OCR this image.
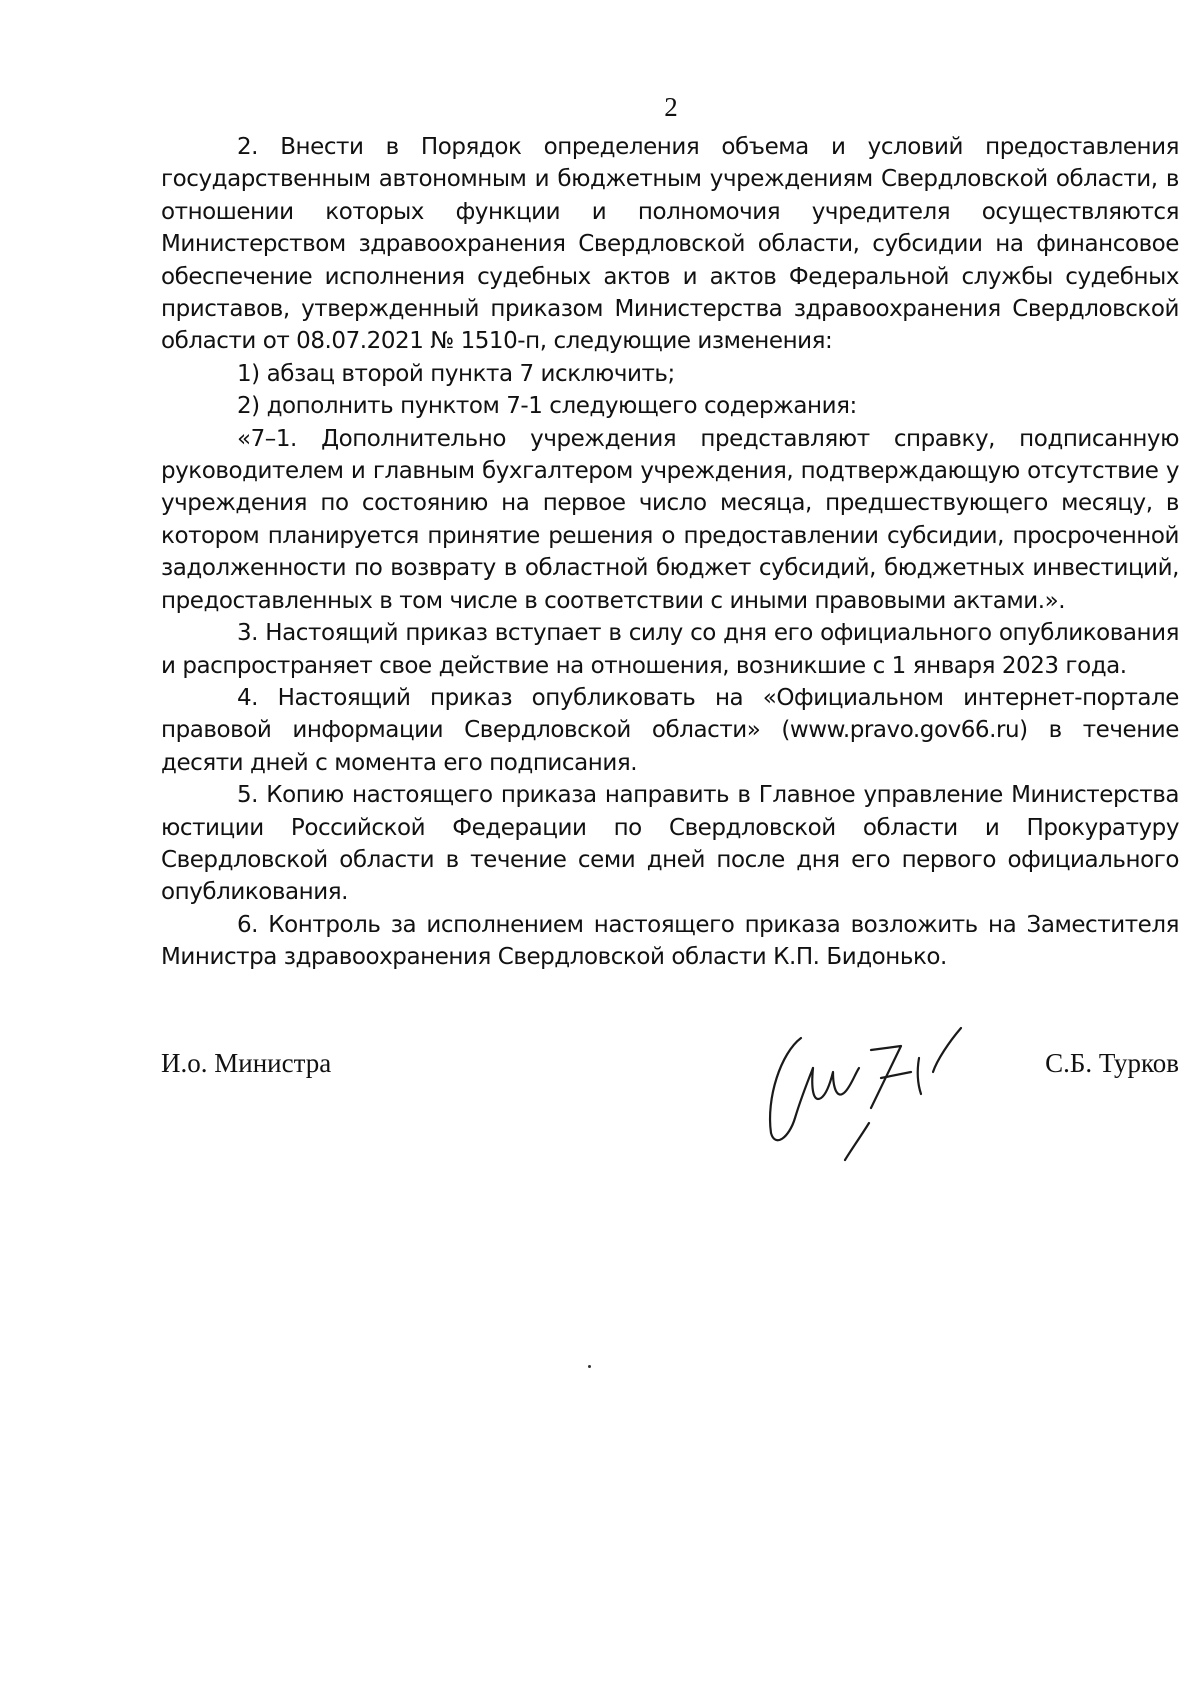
2

2. Внести в Порядок определения объема и условий предоставления государственным автономным и бюджетным учреждениям Свердловской области, в отношении которых функции и полномочия учредителя осуществляются Министерством здравоохранения Свердловской области, субсидии на финансовое обеспечение исполнения судебных актов и актов Федеральной службы судебных приставов, утвержденный приказом Министерства здравоохранения Свердловской области от 08.07.2021 № 1510-п, следующие изменения:

1) абзац второй пункта 7 исключить;

2) дополнить пунктом 7-1 следующего содержания:

«7–1. Дополнительно учреждения представляют справку, подписанную руководителем и главным бухгалтером учреждения, подтверждающую отсутствие у учреждения по состоянию на первое число месяца, предшествующего месяцу, в котором планируется принятие решения о предоставлении субсидии, просроченной задолженности по возврату в областной бюджет субсидий, бюджетных инвестиций, предоставленных в том числе в соответствии с иными правовыми актами.».

3. Настоящий приказ вступает в силу со дня его официального опубликования и распространяет свое действие на отношения, возникшие с 1 января 2023 года.

4. Настоящий приказ опубликовать на «Официальном интернет-портале правовой информации Свердловской области» (www.pravo.gov66.ru) в течение десяти дней с момента его подписания.

5. Копию настоящего приказа направить в Главное управление Министерства юстиции Российской Федерации по Свердловской области и Прокуратуру Свердловской области в течение семи дней после дня его первого официального опубликования.

6. Контроль за исполнением настоящего приказа возложить на Заместителя Министра здравоохранения Свердловской области К.П. Бидонько.

И.о. Министра	С.Б. Турков
